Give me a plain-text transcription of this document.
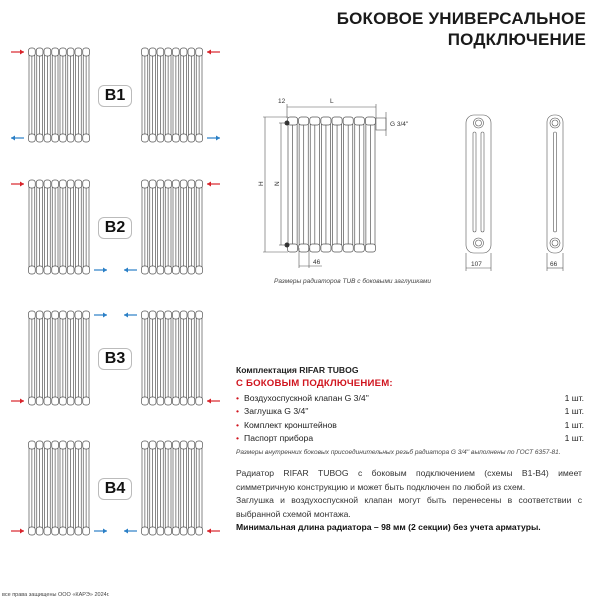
БОКОВОЕ УНИВЕРСАЛЬНОЕ
ПОДКЛЮЧЕНИЕ
B1
B2
B3
B4
12	L
H N
46
G 3/4''
107	66
Размеры радиаторов TUB с боковыми заглушками
Комплектация RIFAR TUBOG
С БОКОВЫМ ПОДКЛЮЧЕНИЕМ:
• Воздухоспускной клапан G 3/4''	1 шт.
• Заглушка G 3/4''	1 шт.
• Комплект кронштейнов	1 шт.
• Паспорт прибора	1 шт.
Размеры внутренних боковых присоединительных резьб радиатора G 3/4'' выполнены по ГОСТ 6357-81.
Радиатор RIFAR TUBOG с боковым подключением (схемы В1-В4) имеет симметричную конструкцию и может быть подключен по любой из схем.
Заглушка и воздухоспускной клапан могут быть перенесены в соответствии с выбранной схемой монтажа.
Минимальная длина радиатора – 98 мм (2 секции) без учета арматуры.
все права защищены ООО «КАРЭ» 2024г.
